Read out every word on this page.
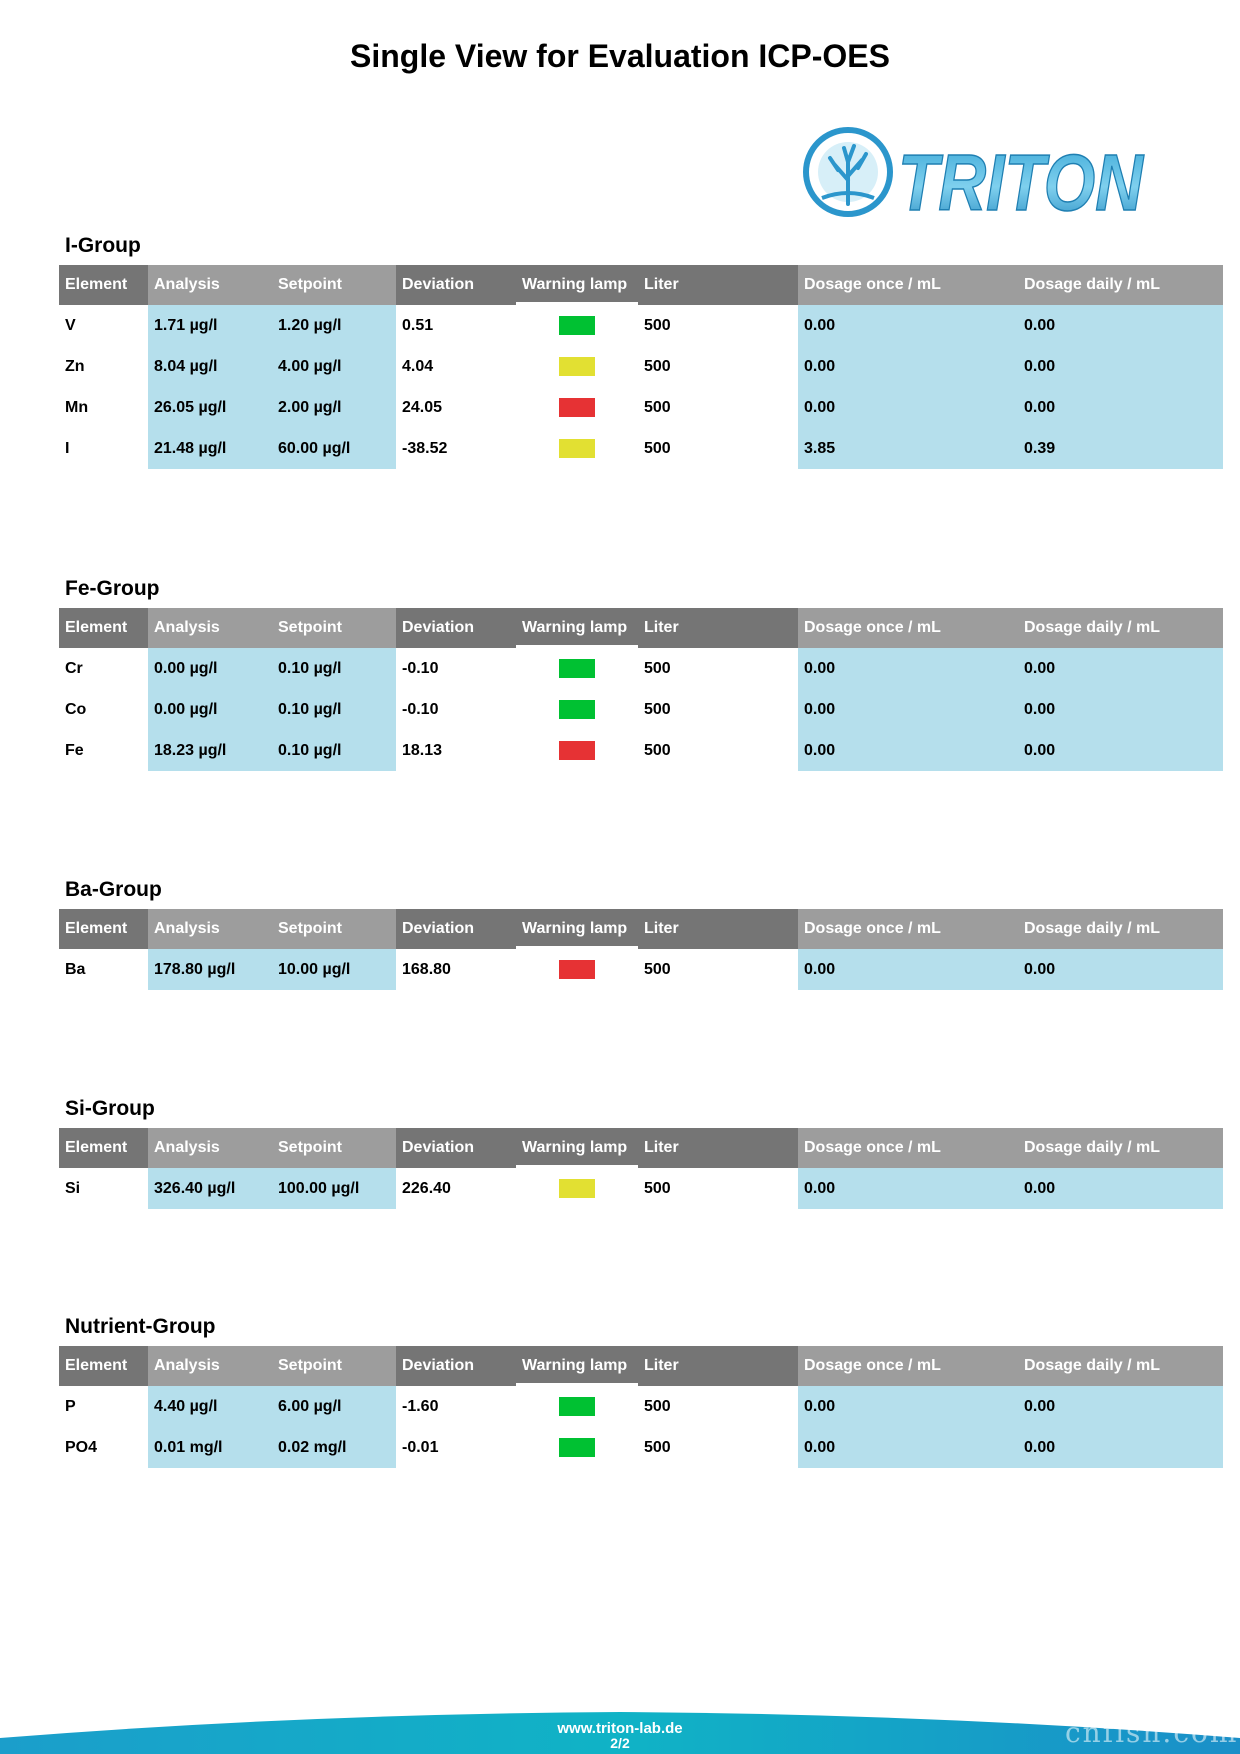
Single View for Evaluation ICP-OES
TRITON
I-Group
Element	Analysis	Setpoint	Deviation	Warning lamp	Liter	Dosage once / mL	Dosage daily / mL
V	1.71 µg/l	1.20 µg/l	0.51		500	0.00	0.00
Zn	8.04 µg/l	4.00 µg/l	4.04		500	0.00	0.00
Mn	26.05 µg/l	2.00 µg/l	24.05		500	0.00	0.00
I	21.48 µg/l	60.00 µg/l	-38.52		500	3.85	0.39
Fe-Group
Element	Analysis	Setpoint	Deviation	Warning lamp	Liter	Dosage once / mL	Dosage daily / mL
Cr	0.00 µg/l	0.10 µg/l	-0.10		500	0.00	0.00
Co	0.00 µg/l	0.10 µg/l	-0.10		500	0.00	0.00
Fe	18.23 µg/l	0.10 µg/l	18.13		500	0.00	0.00
Ba-Group
Element	Analysis	Setpoint	Deviation	Warning lamp	Liter	Dosage once / mL	Dosage daily / mL
Ba	178.80 µg/l	10.00 µg/l	168.80		500	0.00	0.00
Si-Group
Element	Analysis	Setpoint	Deviation	Warning lamp	Liter	Dosage once / mL	Dosage daily / mL
Si	326.40 µg/l	100.00 µg/l	226.40		500	0.00	0.00
Nutrient-Group
Element	Analysis	Setpoint	Deviation	Warning lamp	Liter	Dosage once / mL	Dosage daily / mL
P	4.40 µg/l	6.00 µg/l	-1.60		500	0.00	0.00
PO4	0.01 mg/l	0.02 mg/l	-0.01		500	0.00	0.00
www.triton-lab.de
2/2	cnfish.com
